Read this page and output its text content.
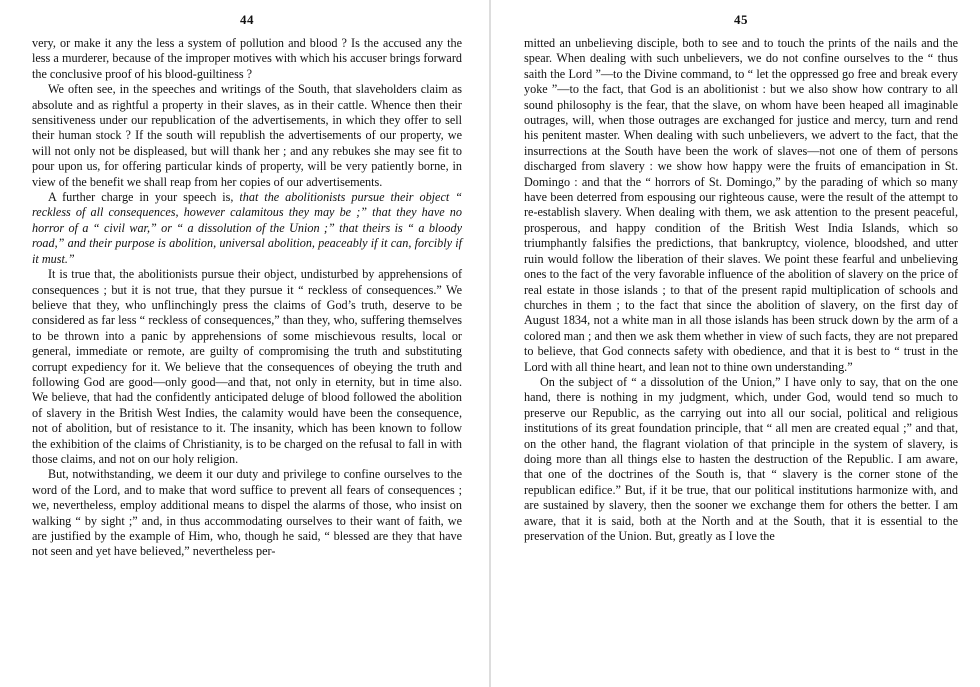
44

very, or make it any the less a system of pollution and blood ? Is the accused any the less a murderer, because of the improper motives with which his accuser brings forward the conclusive proof of his blood-guiltiness ?

We often see, in the speeches and writings of the South, that slaveholders claim as absolute and as rightful a property in their slaves, as in their cattle. Whence then their sensitiveness under our republication of the advertisements, in which they offer to sell their human stock ? If the south will republish the advertisements of our property, we will not only not be displeased, but will thank her ; and any rebukes she may see fit to pour upon us, for offering particular kinds of property, will be very patiently borne, in view of the benefit we shall reap from her copies of our advertisements.

A further charge in your speech is, that the abolitionists pursue their object “ reckless of all consequences, however calamitous they may be ;” that they have no horror of a “ civil war,” or “ a dissolution of the Union ;” that theirs is “ a bloody road,” and their purpose is abolition, universal abolition, peaceably if it can, forcibly if it must.”

It is true that, the abolitionists pursue their object, undisturbed by apprehensions of consequences ; but it is not true, that they pursue it “ reckless of consequences.” We believe that they, who unflinchingly press the claims of God’s truth, deserve to be considered as far less “ reckless of consequences,” than they, who, suffering themselves to be thrown into a panic by apprehensions of some mischievous results, local or general, immediate or remote, are guilty of compromising the truth and substituting corrupt expediency for it. We believe that the consequences of obeying the truth and following God are good—only good—and that, not only in eternity, but in time also. We believe, that had the confidently anticipated deluge of blood followed the abolition of slavery in the British West Indies, the calamity would have been the consequence, not of abolition, but of resistance to it. The insanity, which has been known to follow the exhibition of the claims of Christianity, is to be charged on the refusal to fall in with those claims, and not on our holy religion.

But, notwithstanding, we deem it our duty and privilege to confine ourselves to the word of the Lord, and to make that word suffice to prevent all fears of consequences ; we, nevertheless, employ additional means to dispel the alarms of those, who insist on walking “ by sight ;” and, in thus accommodating ourselves to their want of faith, we are justified by the example of Him, who, though he said, “ blessed are they that have not seen and yet have believed,” nevertheless per-

45

mitted an unbelieving disciple, both to see and to touch the prints of the nails and the spear. When dealing with such unbelievers, we do not confine ourselves to the “ thus saith the Lord ”—to the Divine command, to “ let the oppressed go free and break every yoke ”—to the fact, that God is an abolitionist : but we also show how contrary to all sound philosophy is the fear, that the slave, on whom have been heaped all imaginable outrages, will, when those outrages are exchanged for justice and mercy, turn and rend his penitent master. When dealing with such unbelievers, we advert to the fact, that the insurrections at the South have been the work of slaves—not one of them of persons discharged from slavery : we show how happy were the fruits of emancipation in St. Domingo : and that the “ horrors of St. Domingo,” by the parading of which so many have been deterred from espousing our righteous cause, were the result of the attempt to re-establish slavery. When dealing with them, we ask attention to the present peaceful, prosperous, and happy condition of the British West India Islands, which so triumphantly falsifies the predictions, that bankruptcy, violence, bloodshed, and utter ruin would follow the liberation of their slaves. We point these fearful and unbelieving ones to the fact of the very favorable influence of the abolition of slavery on the price of real estate in those islands ; to that of the present rapid multiplication of schools and churches in them ; to the fact that since the abolition of slavery, on the first day of August 1834, not a white man in all those islands has been struck down by the arm of a colored man ; and then we ask them whether in view of such facts, they are not prepared to believe, that God connects safety with obedience, and that it is best to “ trust in the Lord with all thine heart, and lean not to thine own understanding.”

On the subject of “ a dissolution of the Union,” I have only to say, that on the one hand, there is nothing in my judgment, which, under God, would tend so much to preserve our Republic, as the carrying out into all our social, political and religious institutions of its great foundation principle, that “ all men are created equal ;” and that, on the other hand, the flagrant violation of that principle in the system of slavery, is doing more than all things else to hasten the destruction of the Republic. I am aware, that one of the doctrines of the South is, that “ slavery is the corner stone of the republican edifice.” But, if it be true, that our political institutions harmonize with, and are sustained by slavery, then the sooner we exchange them for others the better. I am aware, that it is said, both at the North and at the South, that it is essential to the preservation of the Union. But, greatly as I love the
